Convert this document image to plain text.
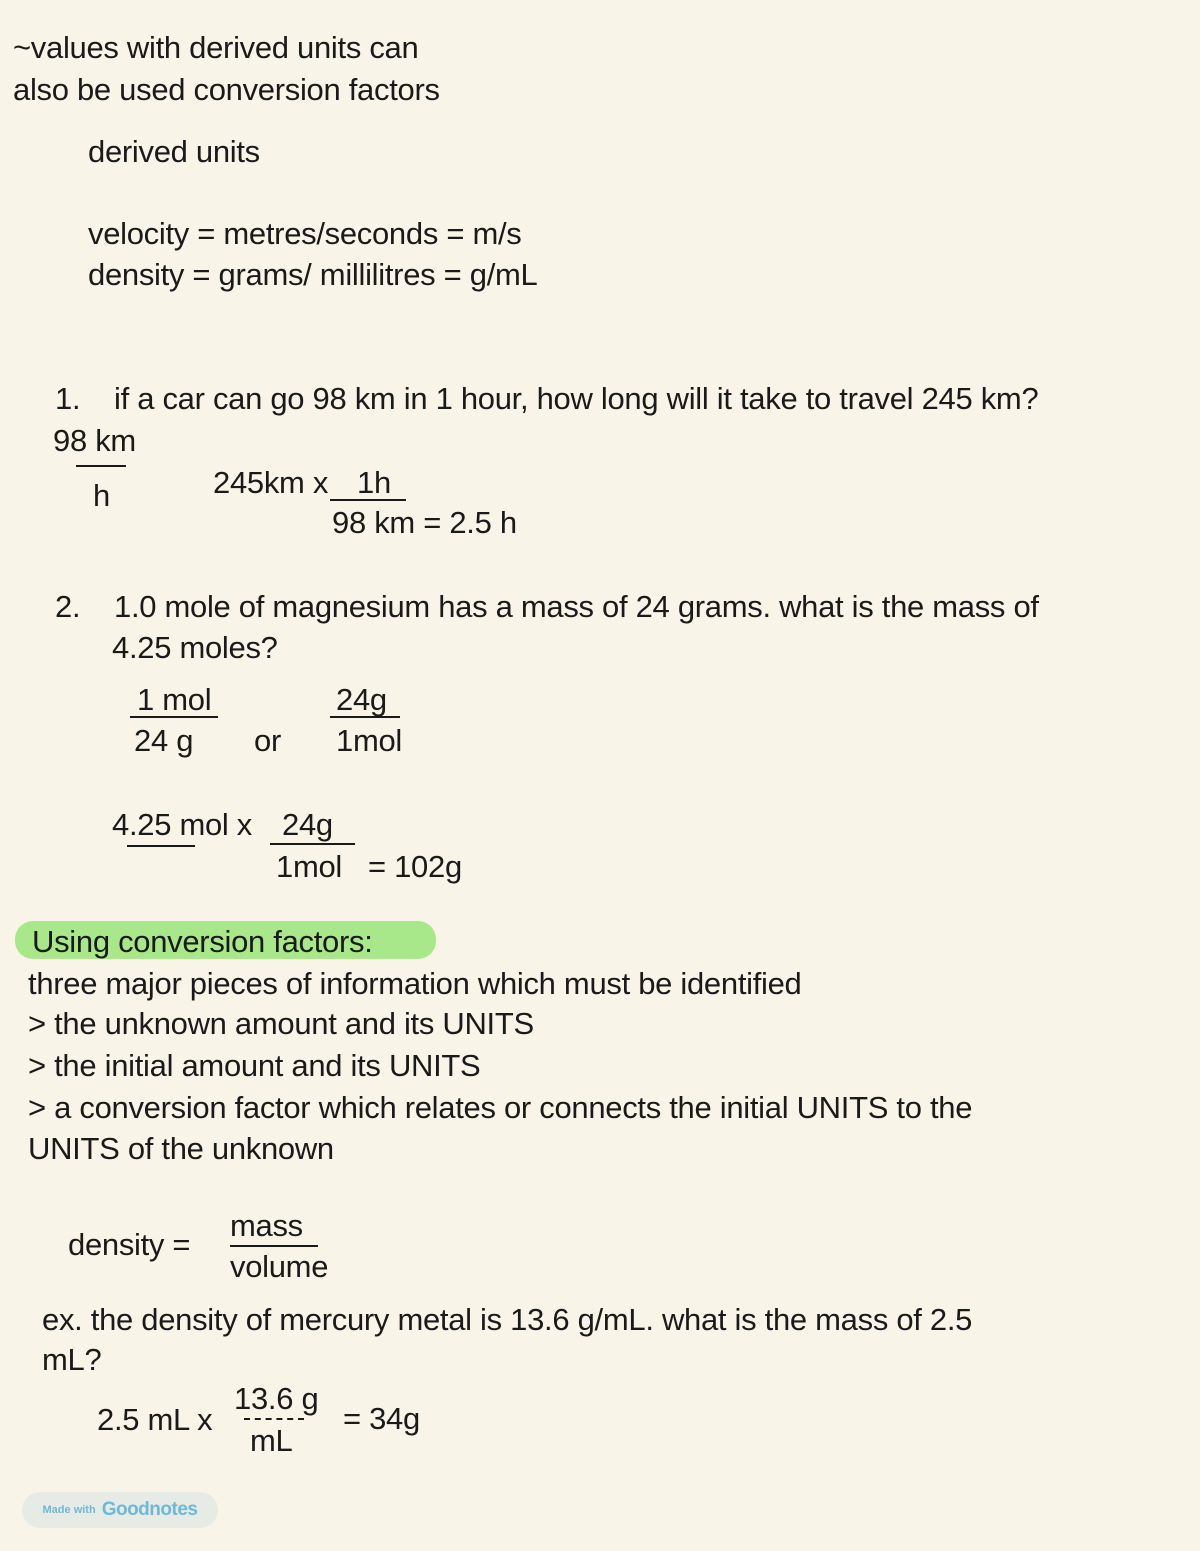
~values with derived units can
also be used conversion factors
derived units
velocity = metres/seconds = m/s
density = grams/ millilitres = g/mL
1. if a car can go 98 km in 1 hour, how long will it take to travel 245 km?
98 km
h	245km x 1h
98 km = 2.5 h
2. 1.0 mole of magnesium has a mass of 24 grams. what is the mass of
4.25 moles?
1 mol
24 g or
24g
1mol
4.25 mol x 24g
1mol = 102g
Using conversion factors:
three major pieces of information which must be identified
> the unknown amount and its UNITS
> the initial amount and its UNITS
> a conversion factor which relates or connects the initial UNITS to the
UNITS of the unknown
density =
mass
volume
ex. the density of mercury metal is 13.6 g/mL. what is the mass of 2.5
mL?
2.5 mL x
13.6 g
mL
= 34g
Made with Goodnotes
